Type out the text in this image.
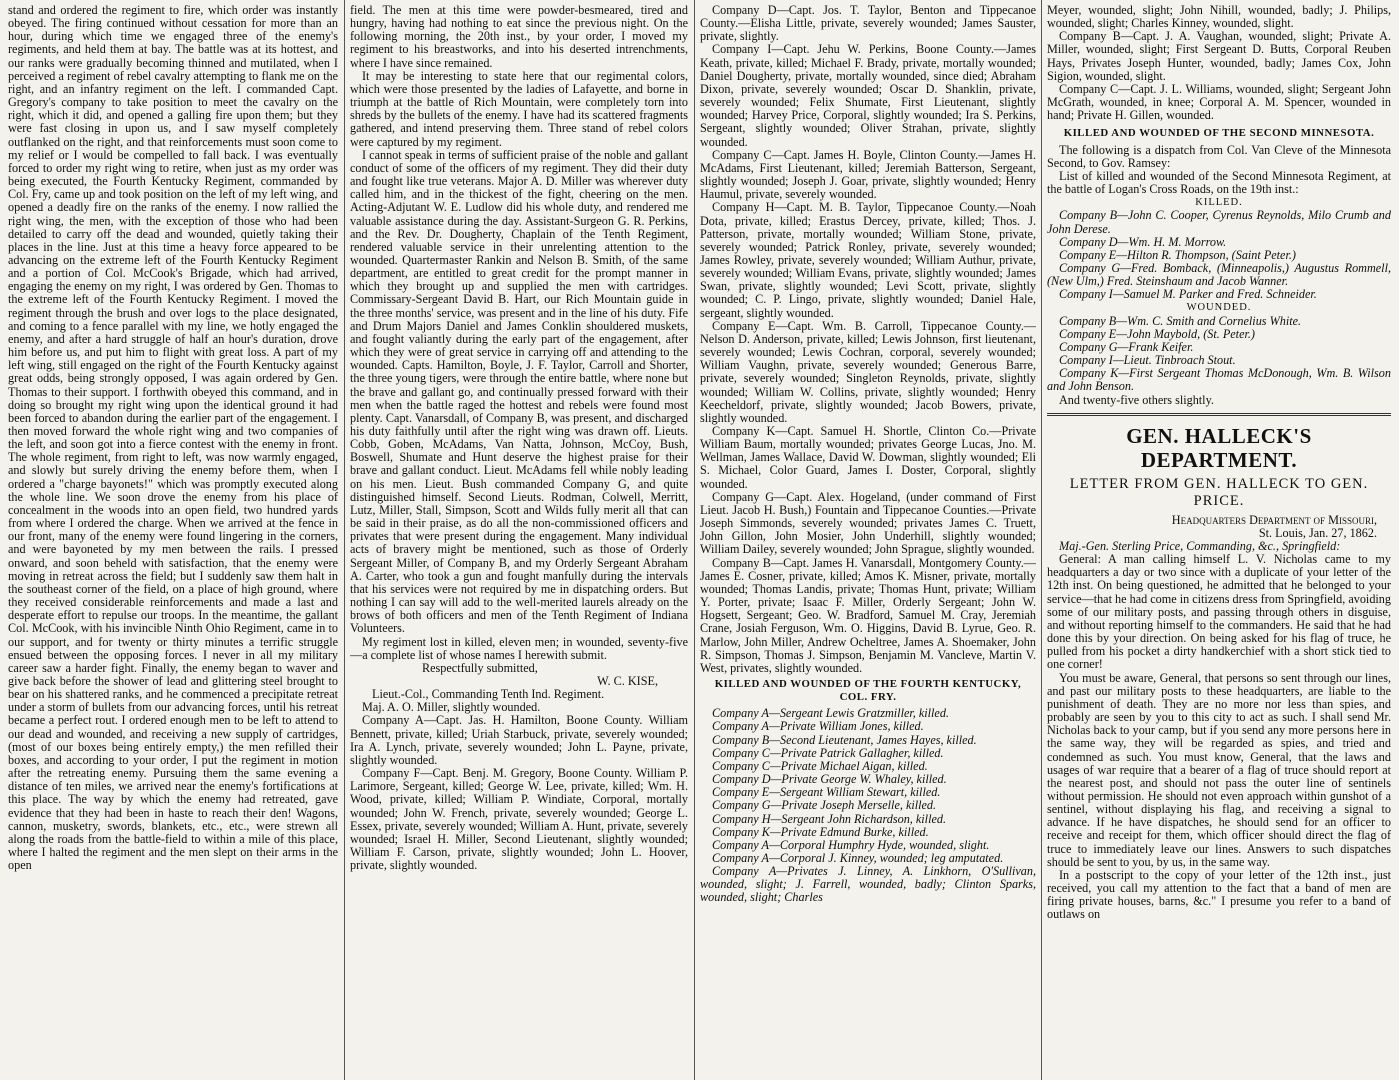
stand and ordered the regiment to fire, which order was instantly obeyed. The firing continued without cessation for more than an hour, during which time we engaged three of the enemy's regiments, and held them at bay. The battle was at its hottest, and our ranks were gradually becoming thinned and mutilated, when I perceived a regiment of rebel cavalry attempting to flank me on the right, and an infantry regiment on the left. I commanded Capt. Gregory's company to take position to meet the cavalry on the right, which it did, and opened a galling fire upon them; but they were fast closing in upon us, and I saw myself completely outflanked on the right, and that reinforcements must soon come to my relief or I would be compelled to fall back. I was eventually forced to order my right wing to retire, when just as my order was being executed, the Fourth Kentucky Regiment, commanded by Col. Fry, came up and took position on the left of my left wing, and opened a deadly fire on the ranks of the enemy. I now rallied the right wing, the men, with the exception of those who had been detailed to carry off the dead and wounded, quietly taking their places in the line. Just at this time a heavy force appeared to be advancing on the extreme left of the Fourth Kentucky Regiment and a portion of Col. McCook's Brigade, which had arrived, engaging the enemy on my right, I was ordered by Gen. Thomas to the extreme left of the Fourth Kentucky Regiment. I moved the regiment through the brush and over logs to the place designated, and coming to a fence parallel with my line, we hotly engaged the enemy, and after a hard struggle of half an hour's duration, drove him before us, and put him to flight with great loss. A part of my left wing, still engaged on the right of the Fourth Kentucky against great odds, being strongly opposed, I was again ordered by Gen. Thomas to their support. I forthwith obeyed this command, and in doing so brought my right wing upon the identical ground it had been forced to abandon during the earlier part of the engagement. I then moved forward the whole right wing and two companies of the left, and soon got into a fierce contest with the enemy in front. The whole regiment, from right to left, was now warmly engaged, and slowly but surely driving the enemy before them, when I ordered a "charge bayonets!" which was promptly executed along the whole line. We soon drove the enemy from his place of concealment in the woods into an open field, two hundred yards from where I ordered the charge. When we arrived at the fence in our front, many of the enemy were found lingering in the corners, and were bayoneted by my men between the rails. I pressed onward, and soon beheld with satisfaction, that the enemy were moving in retreat across the field; but I suddenly saw them halt in the southeast corner of the field, on a place of high ground, where they received considerable reinforcements and made a last and desperate effort to repulse our troops. In the meantime, the gallant Col. McCook, with his invincible Ninth Ohio Regiment, came in to our support, and for twenty or thirty minutes a terrific struggle ensued between the opposing forces. I never in all my military career saw a harder fight. Finally, the enemy began to waver and give back before the shower of lead and glittering steel brought to bear on his shattered ranks, and he commenced a precipitate retreat under a storm of bullets from our advancing forces, until his retreat became a perfect rout. I ordered enough men to be left to attend to our dead and wounded, and receiving a new supply of cartridges, (most of our boxes being entirely empty,) the men refilled their boxes, and according to your order, I put the regiment in motion after the retreating enemy. Pursuing them the same evening a distance of ten miles, we arrived near the enemy's fortifications at this place. The way by which the enemy had retreated, gave evidence that they had been in haste to reach their den! Wagons, cannon, musketry, swords, blankets, etc., etc., were strewn all along the roads from the battle-field to within a mile of this place, where I halted the regiment and the men slept on their arms in the open

field. The men at this time were powder-besmeared, tired and hungry, having had nothing to eat since the previous night. On the following morning, the 20th inst., by your order, I moved my regiment to his breastworks, and into his deserted intrenchments, where I have since remained.

It may be interesting to state here that our regimental colors, which were those presented by the ladies of Lafayette, and borne in triumph at the battle of Rich Mountain, were completely torn into shreds by the bullets of the enemy. I have had its scattered fragments gathered, and intend preserving them. Three stand of rebel colors were captured by my regiment.

I cannot speak in terms of sufficient praise of the noble and gallant conduct of some of the officers of my regiment. They did their duty and fought like true veterans. Major A. D. Miller was wherever duty called him, and in the thickest of the fight, cheering on the men. Acting-Adjutant W. E. Ludlow did his whole duty, and rendered me valuable assistance during the day. Assistant-Surgeon G. R. Perkins, and the Rev. Dr. Dougherty, Chaplain of the Tenth Regiment, rendered valuable service in their unrelenting attention to the wounded. Quartermaster Rankin and Nelson B. Smith, of the same department, are entitled to great credit for the prompt manner in which they brought up and supplied the men with cartridges. Commissary-Sergeant David B. Hart, our Rich Mountain guide in the three months' service, was present and in the line of his duty. Fife and Drum Majors Daniel and James Conklin shouldered muskets, and fought valiantly during the early part of the engagement, after which they were of great service in carrying off and attending to the wounded. Capts. Hamilton, Boyle, J. F. Taylor, Carroll and Shorter, the three young tigers, were through the entire battle, where none but the brave and gallant go, and continually pressed forward with their men when the battle raged the hottest and rebels were found most plenty. Capt. Vanarsdall, of Company B, was present, and discharged his duty faithfully until after the right wing was drawn off. Lieuts. Cobb, Goben, McAdams, Van Natta, Johnson, McCoy, Bush, Boswell, Shumate and Hunt deserve the highest praise for their brave and gallant conduct. Lieut. McAdams fell while nobly leading on his men. Lieut. Bush commanded Company G, and quite distinguished himself. Second Lieuts. Rodman, Colwell, Merritt, Lutz, Miller, Stall, Simpson, Scott and Wilds fully merit all that can be said in their praise, as do all the non-commissioned officers and privates that were present during the engagement. Many individual acts of bravery might be mentioned, such as those of Orderly Sergeant Miller, of Company B, and my Orderly Sergeant Abraham A. Carter, who took a gun and fought manfully during the intervals that his services were not required by me in dispatching orders. But nothing I can say will add to the well-merited laurels already on the brows of both officers and men of the Tenth Regiment of Indiana Volunteers.

My regiment lost in killed, eleven men; in wounded, seventy-five—a complete list of whose names I herewith submit.

Respectfully submitted,

W. C. KISE,

Lieut.-Col., Commanding Tenth Ind. Regiment.

Maj. A. O. Miller, slightly wounded.

Company A—Capt. Jas. H. Hamilton, Boone County. William Bennett, private, killed; Uriah Starbuck, private, severely wounded; Ira A. Lynch, private, severely wounded; John L. Payne, private, slightly wounded.

Company F—Capt. Benj. M. Gregory, Boone County. William P. Larimore, Sergeant, killed; George W. Lee, private, killed; Wm. H. Wood, private, killed; William P. Windiate, Corporal, mortally wounded; John W. French, private, severely wounded; George L. Essex, private, severely wounded; William A. Hunt, private, severely wounded; Israel H. Miller, Second Lieutenant, slightly wounded; William F. Carson, private, slightly wounded; John L. Hoover, private, slightly wounded.

Company D—Capt. Jos. T. Taylor, Benton and Tippecanoe County.—Elisha Little, private, severely wounded; James Sauster, private, slightly.

Company I—Capt. Jehu W. Perkins, Boone County.—James Keath, private, killed; Michael F. Brady, private, mortally wounded; Daniel Dougherty, private, mortally wounded, since died; Abraham Dixon, private, severely wounded; Oscar D. Shanklin, private, severely wounded; Felix Shumate, First Lieutenant, slightly wounded; Harvey Price, Corporal, slightly wounded; Ira S. Perkins, Sergeant, slightly wounded; Oliver Strahan, private, slightly wounded.

Company C—Capt. James H. Boyle, Clinton County.—James H. McAdams, First Lieutenant, killed; Jeremiah Batterson, Sergeant, slightly wounded; Joseph J. Goar, private, slightly wounded; Henry Haumul, private, severely wounded.

Company H—Capt. M. B. Taylor, Tippecanoe County.—Noah Dota, private, killed; Erastus Dercey, private, killed; Thos. J. Patterson, private, mortally wounded; William Stone, private, severely wounded; Patrick Ronley, private, severely wounded; James Rowley, private, severely wounded; William Authur, private, severely wounded; William Evans, private, slightly wounded; James Swan, private, slightly wounded; Levi Scott, private, slightly wounded; C. P. Lingo, private, slightly wounded; Daniel Hale, sergeant, slightly wounded.

Company E—Capt. Wm. B. Carroll, Tippecanoe County.—Nelson D. Anderson, private, killed; Lewis Johnson, first lieutenant, severely wounded; Lewis Cochran, corporal, severely wounded; William Vaughn, private, severely wounded; Generous Barre, private, severely wounded; Singleton Reynolds, private, slightly wounded; William W. Collins, private, slightly wounded; Henry Keecheldorf, private, slightly wounded; Jacob Bowers, private, slightly wounded.

Company K—Capt. Samuel H. Shortle, Clinton Co.—Private William Baum, mortally wounded; privates George Lucas, Jno. M. Wellman, James Wallace, David W. Dowman, slightly wounded; Eli S. Michael, Color Guard, James I. Doster, Corporal, slightly wounded.

Company G—Capt. Alex. Hogeland, (under command of First Lieut. Jacob H. Bush,) Fountain and Tippecanoe Counties.—Private Joseph Simmonds, severely wounded; privates James C. Truett, John Gillon, John Mosier, John Underhill, slightly wounded; William Dailey, severely wounded; John Sprague, slightly wounded.

Company B—Capt. James H. Vanarsdall, Montgomery County.—James E. Cosner, private, killed; Amos K. Misner, private, mortally wounded; Thomas Landis, private; Thomas Hunt, private; William Y. Porter, private; Isaac F. Miller, Orderly Sergeant; John W. Hogsett, Sergeant; Geo. W. Bradford, Samuel M. Cray, Jeremiah Crane, Josiah Ferguson, Wm. O. Higgins, David B. Lyrue, Geo. R. Marlow, John Miller, Andrew Ocheltree, James A. Shoemaker, John R. Simpson, Thomas J. Simpson, Benjamin M. Vancleve, Martin V. West, privates, slightly wounded.

KILLED AND WOUNDED OF THE FOURTH KENTUCKY,

COL. FRY.

Company A—Sergeant Lewis Gratzmiller, killed.

Company A—Private William Jones, killed.

Company B—Second Lieutenant, James Hayes, killed.

Company C—Private Patrick Gallagher, killed.

Company C—Private Michael Aigan, killed.

Company D—Private George W. Whaley, killed.

Company E—Sergeant William Stewart, killed.

Company G—Private Joseph Merselle, killed.

Company H—Sergeant John Richardson, killed.

Company K—Private Edmund Burke, killed.

Company A—Corporal Humphry Hyde, wounded, slight.

Company A—Corporal J. Kinney, wounded; leg amputated.

Company A—Privates J. Linney, A. Linkhorn, O'Sullivan, wounded, slight; J. Farrell, wounded, badly; Clinton Sparks, wounded, slight; Charles

Meyer, wounded, slight; John Nihill, wounded, badly; J. Philips, wounded, slight; Charles Kinney, wounded, slight.

Company B—Capt. J. A. Vaughan, wounded, slight; Private A. Miller, wounded, slight; First Sergeant D. Butts, Corporal Reuben Hays, Privates Joseph Hunter, wounded, badly; James Cox, John Sigion, wounded, slight.

Company C—Capt. J. L. Williams, wounded, slight; Sergeant John McGrath, wounded, in knee; Corporal A. M. Spencer, wounded in hand; Private H. Gillen, wounded.

KILLED AND WOUNDED OF THE SECOND MINNESOTA.

The following is a dispatch from Col. Van Cleve of the Minnesota Second, to Gov. Ramsey:

List of killed and wounded of the Second Minnesota Regiment, at the battle of Logan's Cross Roads, on the 19th inst.:

KILLED.

Company B—John C. Cooper, Cyrenus Reynolds, Milo Crumb and John Derese.

Company D—Wm. H. M. Morrow.

Company E—Hilton R. Thompson, (Saint Peter.)

Company G—Fred. Bomback, (Minneapolis,) Augustus Rommell, (New Ulm,) Fred. Steinshaum and Jacob Wanner.

Company I—Samuel M. Parker and Fred. Schneider.

WOUNDED.

Company B—Wm. C. Smith and Cornelius White.

Company E—John Maybold, (St. Peter.)

Company G—Frank Keifer.

Company I—Lieut. Tinbroach Stout.

Company K—First Sergeant Thomas McDonough, Wm. B. Wilson and John Benson.

And twenty-five others slightly.

GEN. HALLECK'S DEPARTMENT.
LETTER FROM GEN. HALLECK TO GEN. PRICE.

Headquarters Department of Missouri,

St. Louis, Jan. 27, 1862.

Maj.-Gen. Sterling Price, Commanding, &c., Springfield:

General: A man calling himself L. V. Nicholas came to my headquarters a day or two since with a duplicate of your letter of the 12th inst. On being questioned, he admitted that he belonged to your service—that he had come in citizens dress from Springfield, avoiding some of our military posts, and passing through others in disguise, and without reporting himself to the commanders. He said that he had done this by your direction. On being asked for his flag of truce, he pulled from his pocket a dirty handkerchief with a short stick tied to one corner!

You must be aware, General, that persons so sent through our lines, and past our military posts to these headquarters, are liable to the punishment of death. They are no more nor less than spies, and probably are seen by you to this city to act as such. I shall send Mr. Nicholas back to your camp, but if you send any more persons here in the same way, they will be regarded as spies, and tried and condemned as such. You must know, General, that the laws and usages of war require that a bearer of a flag of truce should report at the nearest post, and should not pass the outer line of sentinels without permission. He should not even approach within gunshot of a sentinel, without displaying his flag, and receiving a signal to advance. If he have dispatches, he should send for an officer to receive and receipt for them, which officer should direct the flag of truce to immediately leave our lines. Answers to such dispatches should be sent to you, by us, in the same way.

In a postscript to the copy of your letter of the 12th inst., just received, you call my attention to the fact that a band of men are firing private houses, barns, &c." I presume you refer to a band of outlaws on
